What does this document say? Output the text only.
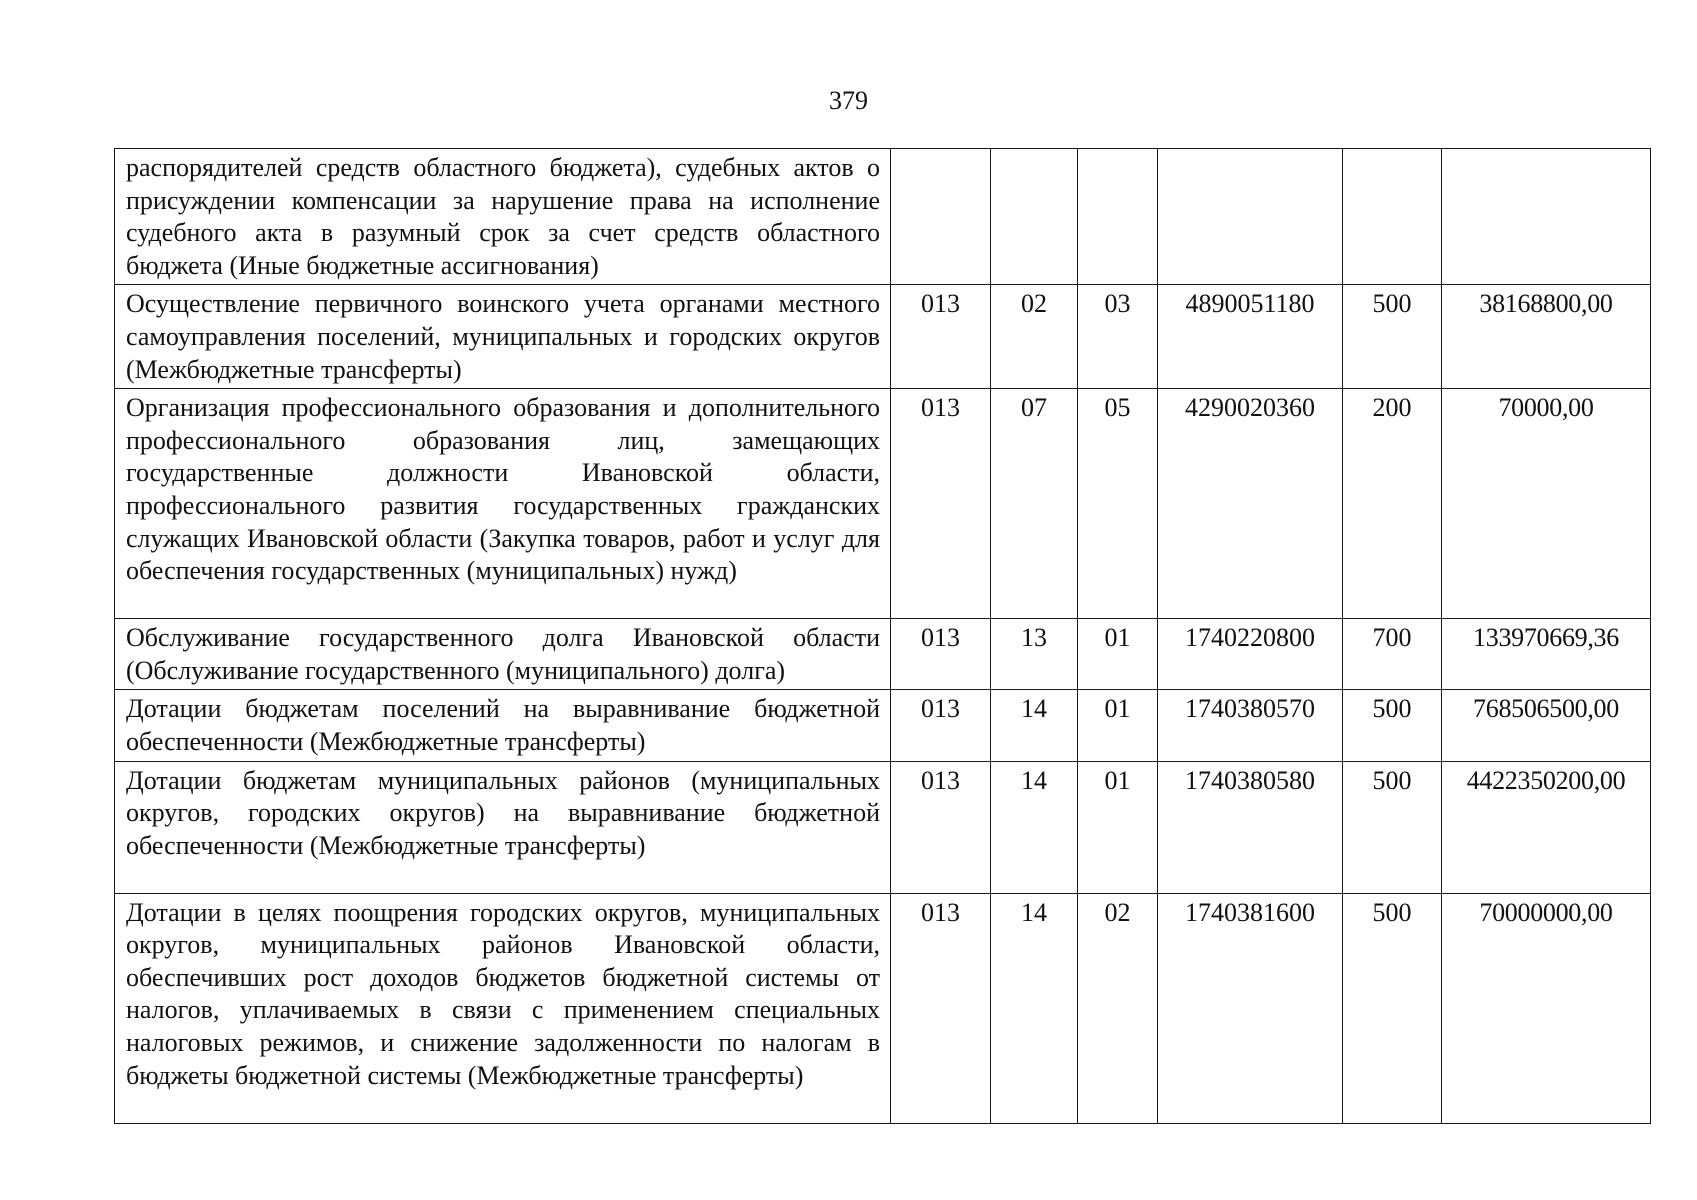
379
распорядителей средств областного бюджета), судебных актов о присуждении компенсации за нарушение права на исполнение судебного акта в разумный срок за счет средств областного бюджета (Иные бюджетные ассигнования)						
Осуществление первичного воинского учета органами местного самоуправления поселений, муниципальных и городских округов (Межбюджетные трансферты)	013	02	03	4890051180	500	38168800,00
Организация профессионального образования и дополнительного профессионального образования лиц, замещающих государственные должности Ивановской области, профессионального развития государственных гражданских служащих Ивановской области (Закупка товаров, работ и услуг для обеспечения государственных (муниципальных) нужд)	013	07	05	4290020360	200	70000,00
Обслуживание государственного долга Ивановской области (Обслуживание государственного (муниципального) долга)	013	13	01	1740220800	700	133970669,36
Дотации бюджетам поселений на выравнивание бюджетной обеспеченности (Межбюджетные трансферты)	013	14	01	1740380570	500	768506500,00
Дотации бюджетам муниципальных районов (муниципальных округов, городских округов) на выравнивание бюджетной обеспеченности (Межбюджетные трансферты)	013	14	01	1740380580	500	4422350200,00
Дотации в целях поощрения городских округов, муниципальных округов, муниципальных районов Ивановской области, обеспечивших рост доходов бюджетов бюджетной системы от налогов, уплачиваемых в связи с применением специальных налоговых режимов, и снижение задолженности по налогам в бюджеты бюджетной системы (Межбюджетные трансферты)	013	14	02	1740381600	500	70000000,00
